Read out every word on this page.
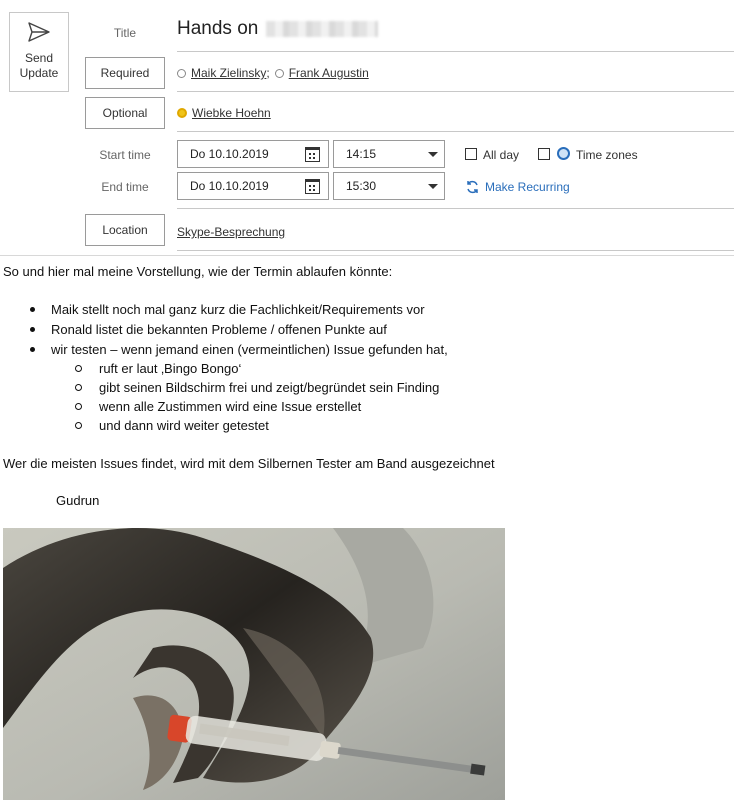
Send
Update
Title	Hands on
Required	Maik Zielinsky ; Frank Augustin
Optional	Wiebke Hoehn
Start time	Do 10.10.2019	14:15	All day	Time zones
End time	Do 10.10.2019	15:30	Make Recurring
Location	Skype-Besprechung
So und hier mal meine Vorstellung, wie der Termin ablaufen könnte:
Maik stellt noch mal ganz kurz die Fachlichkeit/Requirements vor
Ronald listet die bekannten Probleme / offenen Punkte auf
wir testen – wenn jemand einen (vermeintlichen) Issue gefunden hat,
ruft er laut ‚Bingo Bongo‘
gibt seinen Bildschirm frei und zeigt/begründet sein Finding
wenn alle Zustimmen wird eine Issue erstellet
und dann wird weiter getestet
Wer die meisten Issues findet, wird mit dem Silbernen Tester am Band ausgezeichnet
Gudrun
